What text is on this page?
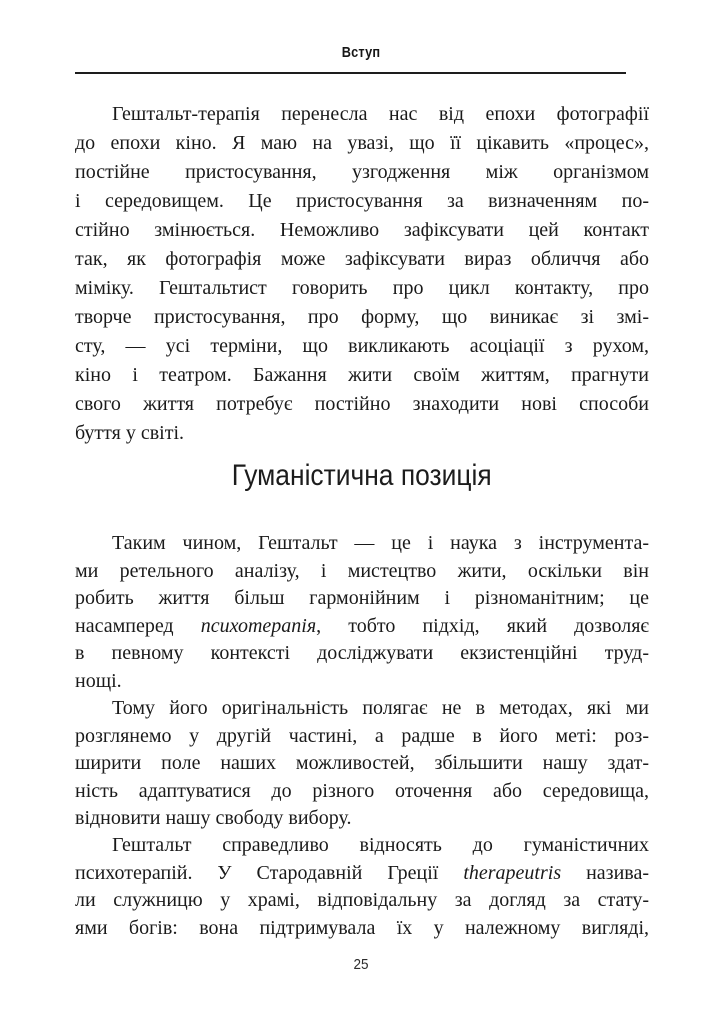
Вступ
Гештальт-терапія перенесла нас від епохи фотографії
до епохи кіно. Я маю на увазі, що її цікавить «процес»,
постійне пристосування, узгодження між організмом
і середовищем. Це пристосування за визначенням по-
стійно змінюється. Неможливо зафіксувати цей контакт
так, як фотографія може зафіксувати вираз обличчя або
міміку. Гештальтист говорить про цикл контакту, про
творче пристосування, про форму, що виникає зі змі-
сту, — усі терміни, що викликають асоціації з рухом,
кіно і театром. Бажання жити своїм життям, прагнути
свого життя потребує постійно знаходити нові способи
буття у світі.
Гуманістична позиція
Таким чином, Гештальт — це і наука з інструмента-
ми ретельного аналізу, і мистецтво жити, оскільки він
робить життя більш гармонійним і різноманітним; це
насамперед психотерапія, тобто підхід, який дозволяє
в певному контексті досліджувати екзистенційні труд-
нощі.
Тому його оригінальність полягає не в методах, які ми
розглянемо у другій частині, а радше в його меті: роз-
ширити поле наших можливостей, збільшити нашу здат-
ність адаптуватися до різного оточення або середовища,
відновити нашу свободу вибору.
Гештальт справедливо відносять до гуманістичних
психотерапій. У Стародавній Греції therapeutris назива-
ли служницю у храмі, відповідальну за догляд за стату-
ями богів: вона підтримувала їх у належному вигляді,
25
